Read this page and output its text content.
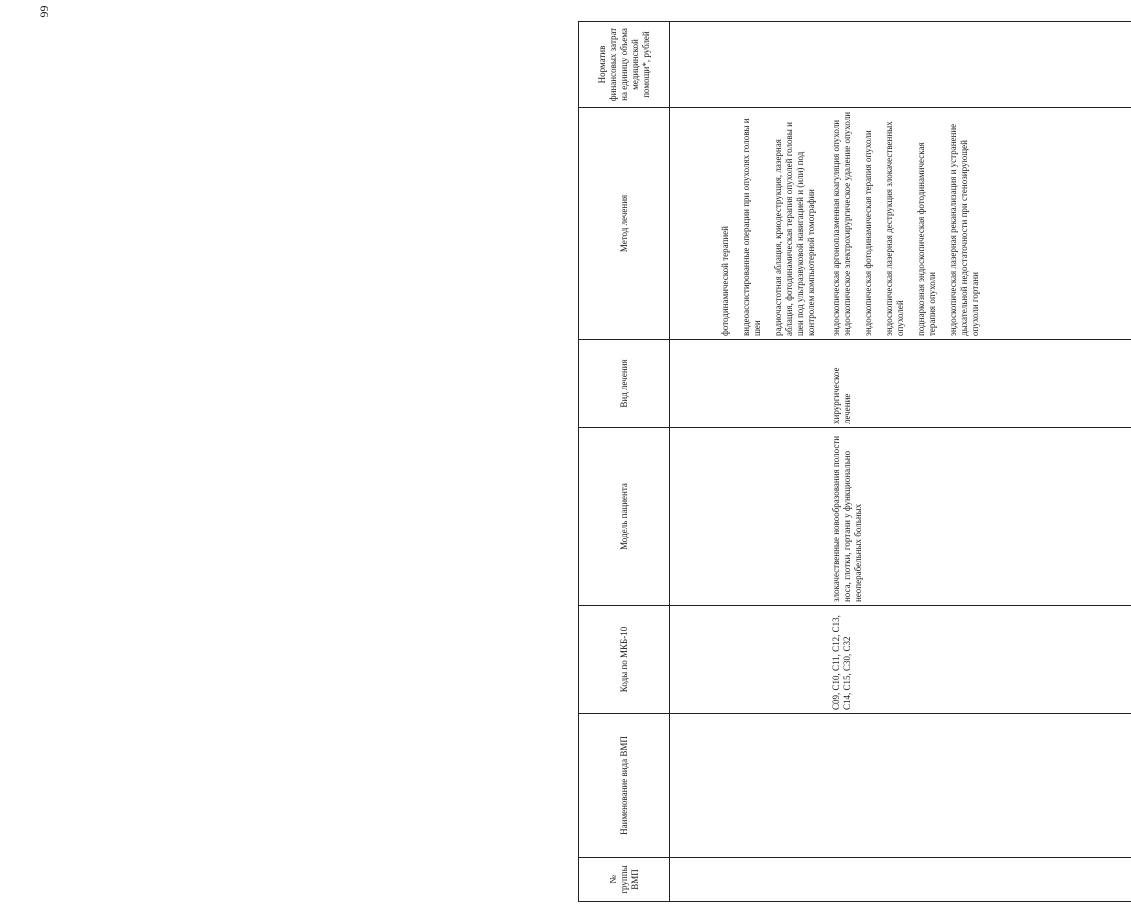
66
№ группы ВМП	Наименование вида ВМП	Коды по МКБ-10	Модель пациента	Вид лечения	Метод лечения	Норматив финансовых затрат на единицу объема медицинской помощи*, рублей

					фотодинамической терапией видеоассистированные операции при опухолях головы и шеи радиочастотная аблация, криодеструкция, лазерная аблация, фотодинамическая терапия опухолей головы и шеи под ультразвуковой навигацией и (или) под контролем компьютерной томографии	

		С09, С10, С11, С12, С13, С14, С15, С30, С32	злокачественные новообразования полости носа, глотки, гортани у функционально неоперабельных больных	хирургическое лечение	эндоскопическая аргоноплазменная коагуляция опухоли эндоскопическое электрохирургическое удаление опухоли эндоскопическая фотодинамическая терапия опухоли эндоскопическая лазерная деструкция злокачественных опухолей поднаркозная эндоскопическая фотодинамическая терапия опухоли эндоскопическая лазерная реканализация и устранение дыхательной недостаточности при стенозирующей опухоли гортани	
